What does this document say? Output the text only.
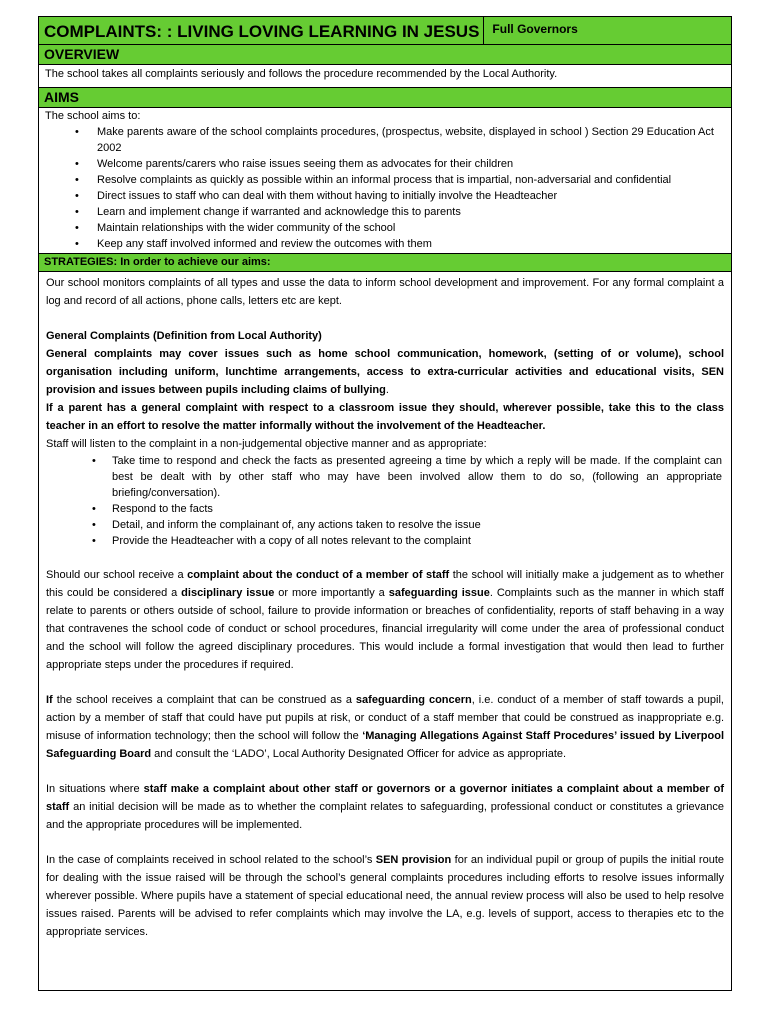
COMPLAINTS: : LIVING LOVING LEARNING IN JESUS	Full Governors
OVERVIEW
The school takes all complaints seriously and follows the procedure recommended by the Local Authority.
AIMS
The school aims to:
• Make parents aware of the school complaints procedures, (prospectus, website, displayed in school ) Section 29 Education Act 2002
• Welcome parents/carers who raise issues seeing them as advocates for their children
• Resolve complaints as quickly as possible within an informal process that is impartial, non-adversarial and confidential
• Direct issues to staff who can deal with them without having to initially involve the Headteacher
• Learn and implement change if warranted and acknowledge this to parents
• Maintain relationships with the wider community of the school
• Keep any staff involved informed and review the outcomes with them
STRATEGIES: In order to achieve our aims:

Our school monitors complaints of all types and usse the data to inform school development and improvement. For any formal complaint a log and record of all actions, phone calls, letters etc are kept.

General Complaints (Definition from Local Authority)

General complaints may cover issues such as home school communication, homework, (setting of or volume), school organisation including uniform, lunchtime arrangements, access to extra-curricular activities and educational visits, SEN provision and issues between pupils including claims of bullying.

If a parent has a general complaint with respect to a classroom issue they should, wherever possible, take this to the class teacher in an effort to resolve the matter informally without the involvement of the Headteacher.

Staff will listen to the complaint in a non-judgemental objective manner and as appropriate:

• Take time to respond and check the facts as presented agreeing a time by which a reply will be made. If the complaint can best be dealt with by other staff who may have been involved allow them to do so, (following an appropriate briefing/conversation).
• Respond to the facts
• Detail, and inform the complainant of, any actions taken to resolve the issue
• Provide the Headteacher with a copy of all notes relevant to the complaint

Should our school receive a complaint about the conduct of a member of staff the school will initially make a judgement as to whether this could be considered a disciplinary issue or more importantly a safeguarding issue. Complaints such as the manner in which staff relate to parents or others outside of school, failure to provide information or breaches of confidentiality, reports of staff behaving in a way that contravenes the school code of conduct or school procedures, financial irregularity will come under the area of professional conduct and the school will follow the agreed disciplinary procedures. This would include a formal investigation that would then lead to further appropriate steps under the procedures if required.

If the school receives a complaint that can be construed as a safeguarding concern, i.e. conduct of a member of staff towards a pupil, action by a member of staff that could have put pupils at risk, or conduct of a staff member that could be construed as inappropriate e.g. misuse of information technology; then the school will follow the ‘Managing Allegations Against Staff Procedures’ issued by Liverpool Safeguarding Board and consult the ‘LADO’, Local Authority Designated Officer for advice as appropriate.

In situations where staff make a complaint about other staff or governors or a governor initiates a complaint about a member of staff an initial decision will be made as to whether the complaint relates to safeguarding, professional conduct or constitutes a grievance and the appropriate procedures will be implemented.

In the case of complaints received in school related to the school’s SEN provision for an individual pupil or group of pupils the initial route for dealing with the issue raised will be through the school’s general complaints procedures including efforts to resolve issues informally wherever possible. Where pupils have a statement of special educational need, the annual review process will also be used to help resolve issues raised. Parents will be advised to refer complaints which may involve the LA, e.g. levels of support, access to therapies etc to the appropriate services.
